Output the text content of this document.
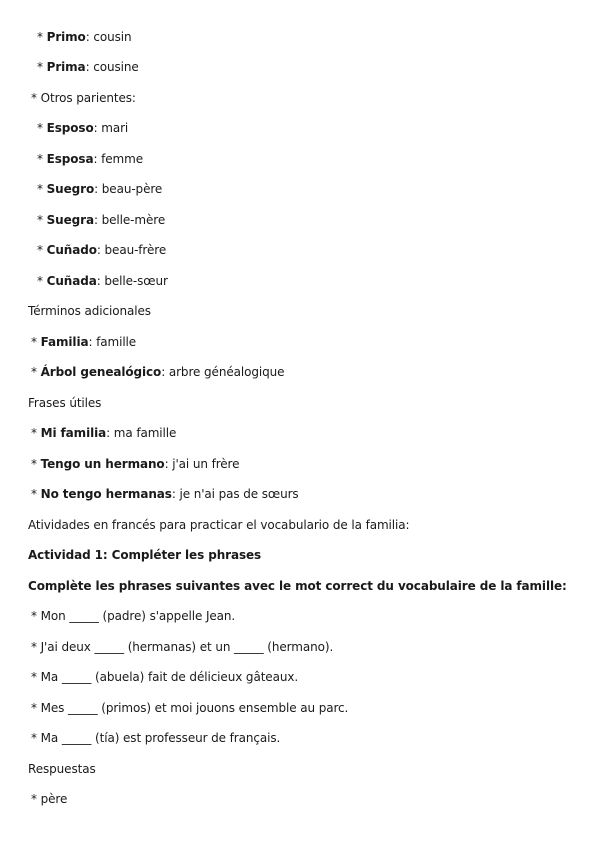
* Primo: cousin
* Prima: cousine
* Otros parientes:
* Esposo: mari
* Esposa: femme
* Suegro: beau-père
* Suegra: belle-mère
* Cuñado: beau-frère
* Cuñada: belle-sœur
Términos adicionales
* Familia: famille
* Árbol genealógico: arbre généalogique
Frases útiles
* Mi familia: ma famille
* Tengo un hermano: j'ai un frère
* No tengo hermanas: je n'ai pas de sœurs
Atividades en francés para practicar el vocabulario de la familia:
Actividad 1: Compléter les phrases
Complète les phrases suivantes avec le mot correct du vocabulaire de la famille:
* Mon _____ (padre) s'appelle Jean.
* J'ai deux _____ (hermanas) et un _____ (hermano).
* Ma _____ (abuela) fait de délicieux gâteaux.
* Mes _____ (primos) et moi jouons ensemble au parc.
* Ma _____ (tía) est professeur de français.
Respuestas
* père
